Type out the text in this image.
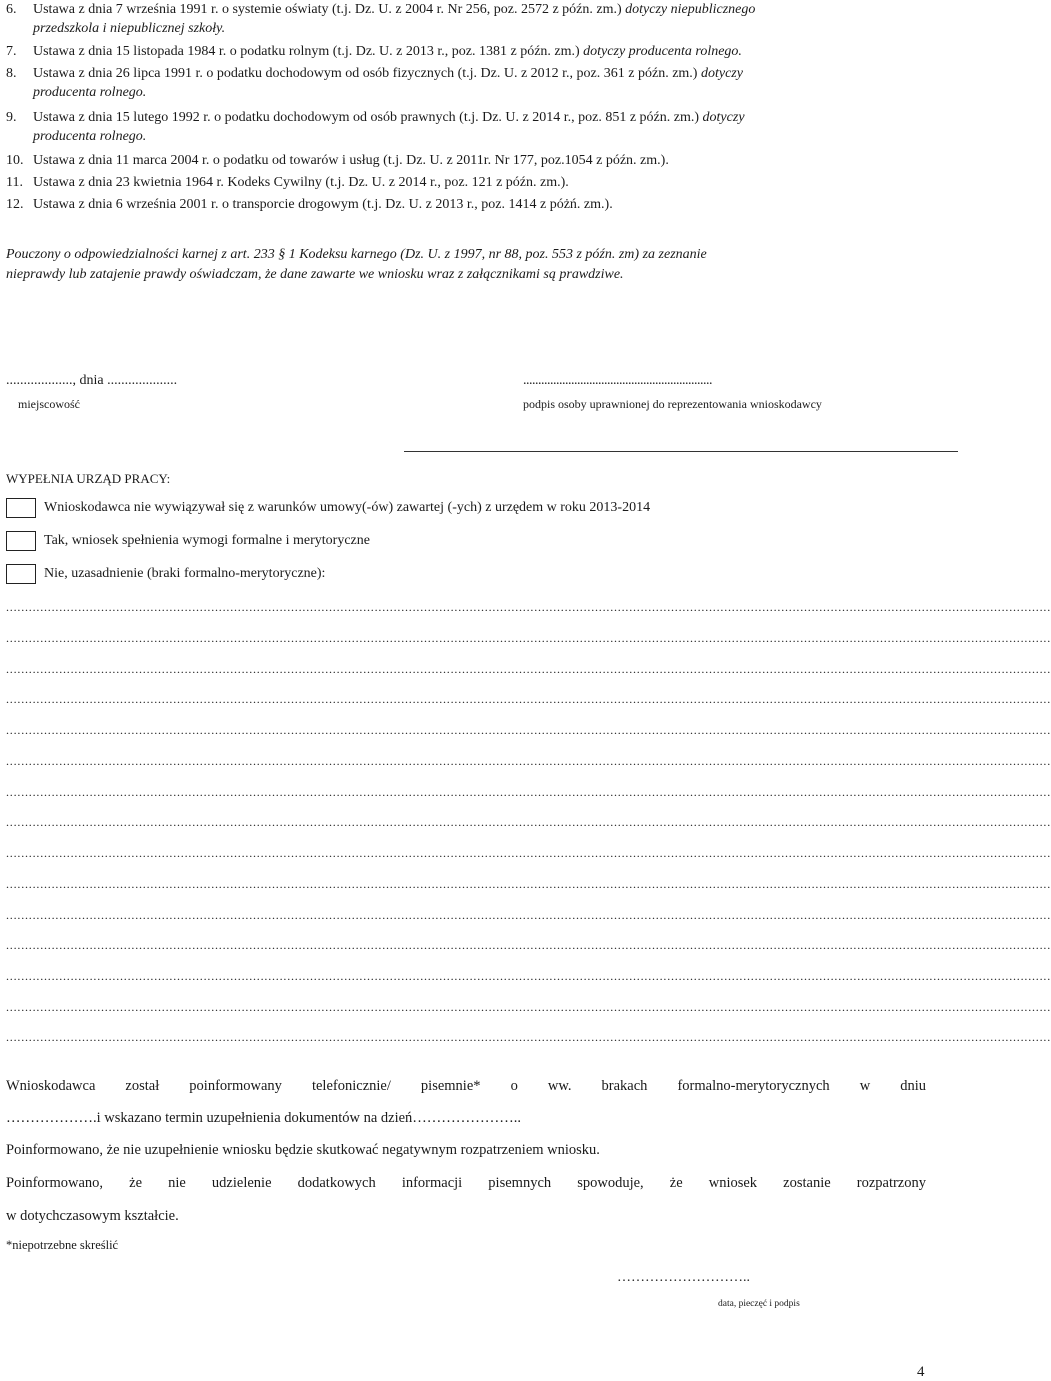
6. Ustawa z dnia 7 września 1991 r. o systemie oświaty (t.j. Dz. U. z 2004 r. Nr 256, poz. 2572 z późn. zm.) dotyczy niepublicznego
przedszkola i niepublicznej szkoły.
7. Ustawa z dnia 15 listopada 1984 r. o podatku rolnym (t.j. Dz. U. z 2013 r., poz. 1381 z późn. zm.) dotyczy producenta rolnego.
8. Ustawa z dnia 26 lipca 1991 r. o podatku dochodowym od osób fizycznych (t.j. Dz. U. z 2012 r., poz. 361 z późn. zm.) dotyczy
producenta rolnego.
9. Ustawa z dnia 15 lutego 1992 r. o podatku dochodowym od osób prawnych (t.j. Dz. U. z 2014 r., poz. 851 z późn. zm.) dotyczy
producenta rolnego.
10. Ustawa z dnia 11 marca 2004 r. o podatku od towarów i usług (t.j. Dz. U. z 2011r. Nr 177, poz.1054 z późn. zm.).
11. Ustawa z dnia 23 kwietnia 1964 r. Kodeks Cywilny (t.j. Dz. U. z 2014 r., poz. 121 z późn. zm.).
12. Ustawa z dnia 6 września 2001 r. o transporcie drogowym (t.j. Dz. U. z 2013 r., poz. 1414 z póżń. zm.).
Pouczony o odpowiedzialności karnej z art. 233 § 1 Kodeksu karnego (Dz. U. z 1997, nr 88, poz. 553 z późn. zm) za zeznanie
nieprawdy lub zatajenie prawdy oświadczam, że dane zawarte we wniosku wraz z załącznikami są prawdziwe.
..................., dnia ....................	...............................................................
miejscowość	podpis osoby uprawnionej do reprezentowania wnioskodawcy
WYPEŁNIA URZĄD PRACY:
Wnioskodawca nie wywiązywał się z warunków umowy(-ów) zawartej (-ych) z urzędem w roku 2013-2014
Tak, wniosek spełnienia wymogi formalne i merytoryczne
Nie, uzasadnienie (braki formalno-merytoryczne):
...................................................................................................................................................................................................................................................................................
...................................................................................................................................................................................................................................................................................
...................................................................................................................................................................................................................................................................................
...................................................................................................................................................................................................................................................................................
...................................................................................................................................................................................................................................................................................
...................................................................................................................................................................................................................................................................................
...................................................................................................................................................................................................................................................................................
...................................................................................................................................................................................................................................................................................
...................................................................................................................................................................................................................................................................................
...................................................................................................................................................................................................................................................................................
...................................................................................................................................................................................................................................................................................
...................................................................................................................................................................................................................................................................................
...................................................................................................................................................................................................................................................................................
...................................................................................................................................................................................................................................................................................
...................................................................................................................................................................................................................................................................................
Wnioskodawca został poinformowany telefonicznie/ pisemnie* o ww. brakach formalno-merytorycznych w dniu
……………….i wskazano termin uzupełnienia dokumentów na dzień…………………..
Poinformowano, że nie uzupełnienie wniosku będzie skutkować negatywnym rozpatrzeniem wniosku.
Poinformowano, że nie udzielenie dodatkowych informacji pisemnych spowoduje, że wniosek zostanie rozpatrzony
w dotychczasowym kształcie.
*niepotrzebne skreślić
………………………..
data, pieczęć i podpis
4
